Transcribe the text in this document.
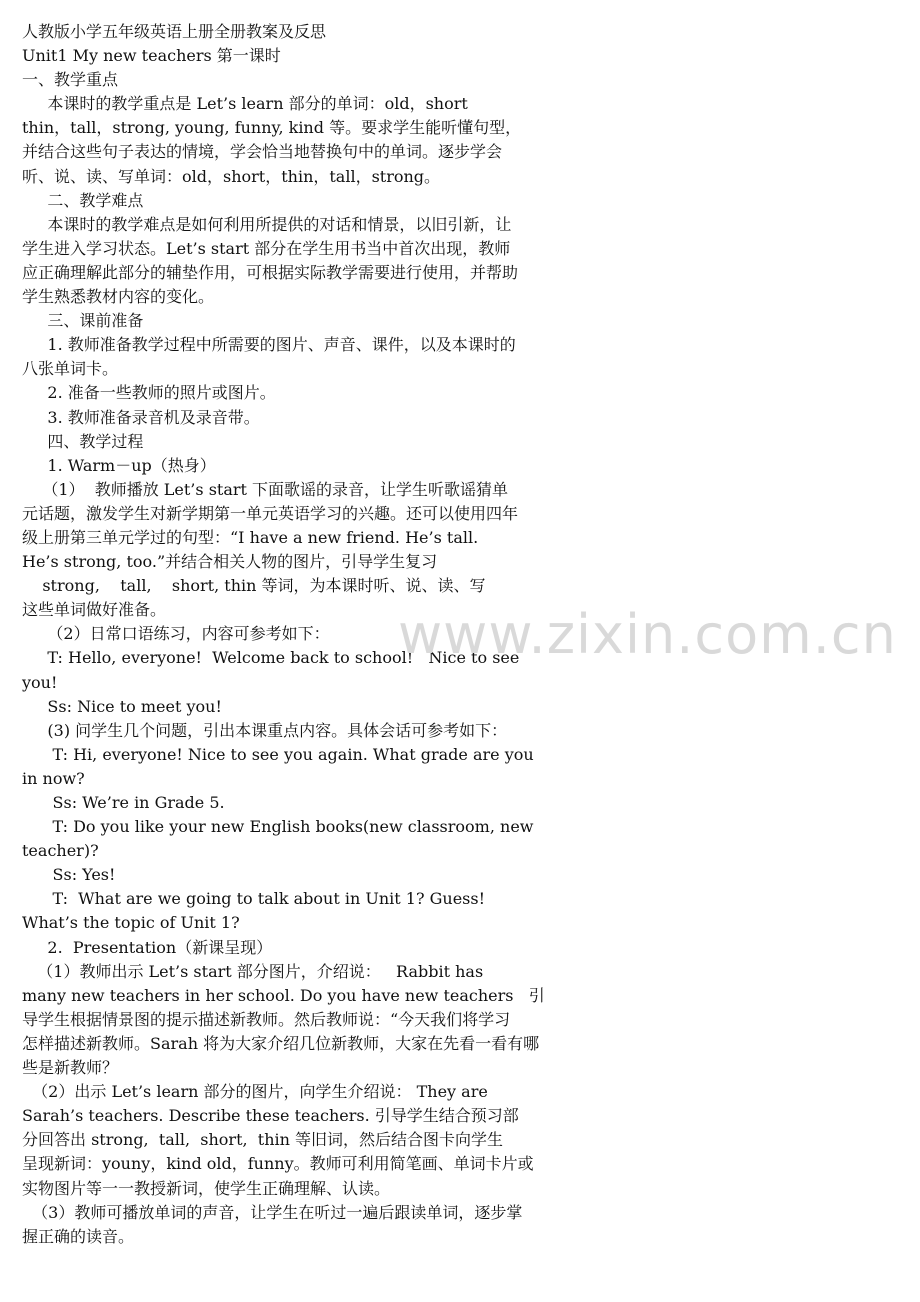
人教版小学五年级英语上册全册教案及反思
Unit1 My new teachers 第一课时
一、教学重点
本课时的教学重点是 Let’s learn 部分的单词：old，short
thin，tall，strong, young, funny, kind 等。要求学生能听懂句型，
并结合这些句子表达的情境，学会恰当地替换句中的单词。逐步学会
听、说、读、写单词：old，short，thin，tall，strong。
二、教学难点
本课时的教学难点是如何利用所提供的对话和情景，以旧引新，让
学生进入学习状态。Let’s start 部分在学生用书当中首次出现，教师
应正确理解此部分的辅垫作用，可根据实际教学需要进行使用，并帮助
学生熟悉教材内容的变化。
三、课前准备
1. 教师准备教学过程中所需要的图片、声音、课件，以及本课时的
八张单词卡。
2. 准备一些教师的照片或图片。
3. 教师准备录音机及录音带。
四、教学过程
1. Warm－up（热身）
（1）  教师播放 Let’s start 下面歌谣的录音，让学生听歌谣猜单
元话题，激发学生对新学期第一单元英语学习的兴趣。还可以使用四年
级上册第三单元学过的句型：“I have a new friend. He’s tall.
He’s strong, too.”并结合相关人物的图片，引导学生复习
strong,    tall,    short, thin 等词，为本课时听、说、读、写
这些单词做好准备。
（2）日常口语练习，内容可参考如下：
T: Hello, everyone!  Welcome back to school!   Nice to see
you!
Ss: Nice to meet you!
(3) 问学生几个问题，引出本课重点内容。具体会话可参考如下：
T: Hi, everyone! Nice to see you again. What grade are you
in now?
Ss: We’re in Grade 5.
T: Do you like your new English books(new classroom, new
teacher)?
Ss: Yes!
T:  What are we going to talk about in Unit 1? Guess!
What’s the topic of Unit 1?
2.  Presentation（新课呈现）
（1）教师出示 Let’s start 部分图片，介绍说：   Rabbit has
many new teachers in her school. Do you have new teachers   引
导学生根据情景图的提示描述新教师。然后教师说：“今天我们将学习
怎样描述新教师。Sarah 将为大家介绍几位新教师，大家在先看一看有哪
些是新教师？
（2）出示 Let’s learn 部分的图片，向学生介绍说： They are
Sarah’s teachers. Describe these teachers. 引导学生结合预习部
分回答出 strong,  tall,  short,  thin 等旧词，然后结合图卡向学生
呈现新词：youny，kind old，funny。教师可利用简笔画、单词卡片或
实物图片等一一教授新词，使学生正确理解、认读。
（3）教师可播放单词的声音，让学生在听过一遍后跟读单词，逐步掌
握正确的读音。
www.zixin.com.cn
